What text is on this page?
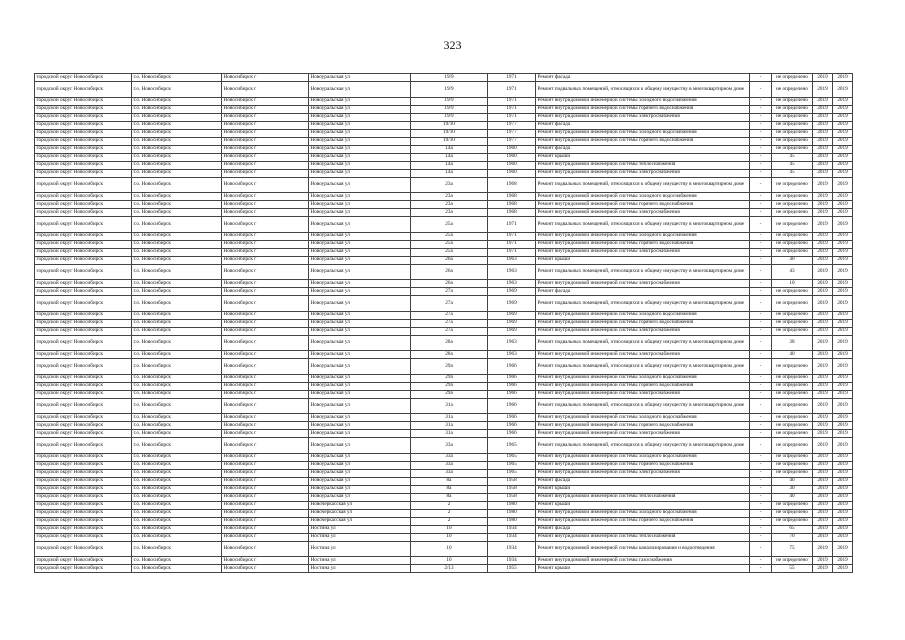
323
городской округ Новосибирск	г.о. Новосибирск	Новосибирск г	Новоуральская ул	19/9	1971	Ремонт фасада	-	не определено	2019	2019
городской округ Новосибирск	г.о. Новосибирск	Новосибирск г	Новоуральская ул	19/9	1971	Ремонт подвальных помещений, относящихся к общему имуществу в многоквартирном доме	-	не определено	2019	2019
городской округ Новосибирск	г.о. Новосибирск	Новосибирск г	Новоуральская ул	19/9	1971	Ремонт внутридомовой инженерной системы холодного водоснабжения	-	не определено	2019	2019
городской округ Новосибирск	г.о. Новосибирск	Новосибирск г	Новоуральская ул	19/9	1971	Ремонт внутридомовой инженерной системы горячего водоснабжения	-	не определено	2019	2019
городской округ Новосибирск	г.о. Новосибирск	Новосибирск г	Новоуральская ул	19/9	1971	Ремонт внутридомовой инженерной системы электроснабжения	-	не определено	2019	2019
городской округ Новосибирск	г.о. Новосибирск	Новосибирск г	Новоуральская ул	19/10	1977	Ремонт фасада	-	не определено	2019	2019
городской округ Новосибирск	г.о. Новосибирск	Новосибирск г	Новоуральская ул	19/10	1977	Ремонт внутридомовой инженерной системы холодного водоснабжения	-	не определено	2019	2019
городской округ Новосибирск	г.о. Новосибирск	Новосибирск г	Новоуральская ул	19/10	1977	Ремонт внутридомовой инженерной системы горячего водоснабжения	-	не определено	2019	2019
городской округ Новосибирск	г.о. Новосибирск	Новосибирск г	Новоуральская ул	14а	1960	Ремонт фасада	-	не определено	2019	2019
городской округ Новосибирск	г.о. Новосибирск	Новосибирск г	Новоуральская ул	14а	1960	Ремонт крыши	-	45	2019	2019
городской округ Новосибирск	г.о. Новосибирск	Новосибирск г	Новоуральская ул	14а	1960	Ремонт внутридомовой инженерной системы теплоснабжения	-	45	2019	2019
городской округ Новосибирск	г.о. Новосибирск	Новосибирск г	Новоуральская ул	14а	1960	Ремонт внутридомовой инженерной системы электроснабжения	-	45	2019	2019
городской округ Новосибирск	г.о. Новосибирск	Новосибирск г	Новоуральская ул	23а	1968	Ремонт подвальных помещений, относящихся к общему имуществу в многоквартирном доме	-	не определено	2019	2019
городской округ Новосибирск	г.о. Новосибирск	Новосибирск г	Новоуральская ул	23а	1968	Ремонт внутридомовой инженерной системы холодного водоснабжения	-	не определено	2019	2019
городской округ Новосибирск	г.о. Новосибирск	Новосибирск г	Новоуральская ул	23а	1968	Ремонт внутридомовой инженерной системы горячего водоснабжения	-	не определено	2019	2019
городской округ Новосибирск	г.о. Новосибирск	Новосибирск г	Новоуральская ул	23а	1968	Ремонт внутридомовой инженерной системы электроснабжения	-	не определено	2019	2019
городской округ Новосибирск	г.о. Новосибирск	Новосибирск г	Новоуральская ул	25а	1971	Ремонт подвальных помещений, относящихся к общему имуществу в многоквартирном доме	-	не определено	2019	2019
городской округ Новосибирск	г.о. Новосибирск	Новосибирск г	Новоуральская ул	25а	1971	Ремонт внутридомовой инженерной системы холодного водоснабжения	-	не определено	2019	2019
городской округ Новосибирск	г.о. Новосибирск	Новосибирск г	Новоуральская ул	25а	1971	Ремонт внутридомовой инженерной системы горячего водоснабжения	-	не определено	2019	2019
городской округ Новосибирск	г.о. Новосибирск	Новосибирск г	Новоуральская ул	25а	1971	Ремонт внутридомовой инженерной системы электроснабжения	-	не определено	2019	2019
городской округ Новосибирск	г.о. Новосибирск	Новосибирск г	Новоуральская ул	26а	1963	Ремонт крыши	-	40	2019	2019
городской округ Новосибирск	г.о. Новосибирск	Новосибирск г	Новоуральская ул	26а	1963	Ремонт подвальных помещений, относящихся к общему имуществу в многоквартирном доме	-	43	2019	2019
городской округ Новосибирск	г.о. Новосибирск	Новосибирск г	Новоуральская ул	26а	1963	Ремонт внутридомовой инженерной системы электроснабжения	-	10	2019	2019
городской округ Новосибирск	г.о. Новосибирск	Новосибирск г	Новоуральская ул	27а	1969	Ремонт фасада	-	не определено	2019	2019
городской округ Новосибирск	г.о. Новосибирск	Новосибирск г	Новоуральская ул	27а	1969	Ремонт подвальных помещений, относящихся к общему имуществу в многоквартирном доме	-	не определено	2019	2019
городской округ Новосибирск	г.о. Новосибирск	Новосибирск г	Новоуральская ул	27а	1969	Ремонт внутридомовой инженерной системы холодного водоснабжения	-	не определено	2019	2019
городской округ Новосибирск	г.о. Новосибирск	Новосибирск г	Новоуральская ул	27а	1969	Ремонт внутридомовой инженерной системы горячего водоснабжения	-	не определено	2019	2019
городской округ Новосибирск	г.о. Новосибирск	Новосибирск г	Новоуральская ул	27а	1969	Ремонт внутридомовой инженерной системы электроснабжения	-	не определено	2019	2019
городской округ Новосибирск	г.о. Новосибирск	Новосибирск г	Новоуральская ул	28а	1963	Ремонт подвальных помещений, относящихся к общему имуществу в многоквартирном доме	-	38	2019	2019
городской округ Новосибирск	г.о. Новосибирск	Новосибирск г	Новоуральская ул	28а	1963	Ремонт внутридомовой инженерной системы электроснабжения	-	40	2019	2019
городской округ Новосибирск	г.о. Новосибирск	Новосибирск г	Новоуральская ул	29а	1966	Ремонт подвальных помещений, относящихся к общему имуществу в многоквартирном доме	-	не определено	2019	2019
городской округ Новосибирск	г.о. Новосибирск	Новосибирск г	Новоуральская ул	29а	1966	Ремонт внутридомовой инженерной системы холодного водоснабжения	-	не определено	2019	2019
городской округ Новосибирск	г.о. Новосибирск	Новосибирск г	Новоуральская ул	29а	1966	Ремонт внутридомовой инженерной системы горячего водоснабжения	-	не определено	2019	2019
городской округ Новосибирск	г.о. Новосибирск	Новосибирск г	Новоуральская ул	29а	1966	Ремонт внутридомовой инженерной системы электроснабжения	-	не определено	2019	2019
городской округ Новосибирск	г.о. Новосибирск	Новосибирск г	Новоуральская ул	31а	1966	Ремонт подвальных помещений, относящихся к общему имуществу в многоквартирном доме	-	не определено	2019	2019
городской округ Новосибирск	г.о. Новосибирск	Новосибирск г	Новоуральская ул	31а	1966	Ремонт внутридомовой инженерной системы холодного водоснабжения	-	не определено	2019	2019
городской округ Новосибирск	г.о. Новосибирск	Новосибирск г	Новоуральская ул	31а	1966	Ремонт внутридомовой инженерной системы горячего водоснабжения	-	не определено	2019	2019
городской округ Новосибирск	г.о. Новосибирск	Новосибирск г	Новоуральская ул	31а	1966	Ремонт внутридомовой инженерной системы электроснабжения	-	не определено	2019	2019
городской округ Новосибирск	г.о. Новосибирск	Новосибирск г	Новоуральская ул	33а	1965	Ремонт подвальных помещений, относящихся к общему имуществу в многоквартирном доме	-	не определено	2019	2019
городской округ Новосибирск	г.о. Новосибирск	Новосибирск г	Новоуральская ул	33а	1965	Ремонт внутридомовой инженерной системы холодного водоснабжения	-	не определено	2019	2019
городской округ Новосибирск	г.о. Новосибирск	Новосибирск г	Новоуральская ул	33а	1965	Ремонт внутридомовой инженерной системы горячего водоснабжения	-	не определено	2019	2019
городской округ Новосибирск	г.о. Новосибирск	Новосибирск г	Новоуральская ул	33а	1965	Ремонт внутридомовой инженерной системы электроснабжения	-	не определено	2019	2019
городской округ Новосибирск	г.о. Новосибирск	Новосибирск г	Новоуральская ул	8а	1958	Ремонт фасада	-	40	2019	2019
городской округ Новосибирск	г.о. Новосибирск	Новосибирск г	Новоуральская ул	8а	1958	Ремонт крыши	-	30	2019	2019
городской округ Новосибирск	г.о. Новосибирск	Новосибирск г	Новоуральская ул	8а	1958	Ремонт внутридомовой инженерной системы теплоснабжения	-	40	2019	2019
городской округ Новосибирск	г.о. Новосибирск	Новосибирск г	Новочеркасская ул	2	1980	Ремонт крыши	-	не определено	2019	2019
городской округ Новосибирск	г.о. Новосибирск	Новосибирск г	Новочеркасская ул	2	1980	Ремонт внутридомовой инженерной системы холодного водоснабжения	-	не определено	2019	2019
городской округ Новосибирск	г.о. Новосибирск	Новосибирск г	Новочеркасская ул	2	1980	Ремонт внутридомовой инженерной системы горячего водоснабжения	-	не определено	2019	2019
городской округ Новосибирск	г.о. Новосибирск	Новосибирск г	Ностина ул	10	1934	Ремонт фасада	-	65	2019	2019
городской округ Новосибирск	г.о. Новосибирск	Новосибирск г	Ностина ул	10	1934	Ремонт внутридомовой инженерной системы теплоснабжения	-	70	2019	2019
городской округ Новосибирск	г.о. Новосибирск	Новосибирск г	Ностина ул	10	1934	Ремонт внутридомовой инженерной системы канализирования и водоотведения	-	75	2019	2019
городской округ Новосибирск	г.о. Новосибирск	Новосибирск г	Ностина ул	10	1934	Ремонт внутридомовой инженерной системы газоснабжения	-	не определено	2019	2019
городской округ Новосибирск	г.о. Новосибирск	Новосибирск г	Ностина ул	2/13	1955	Ремонт крыши	-	55	2019	2019
